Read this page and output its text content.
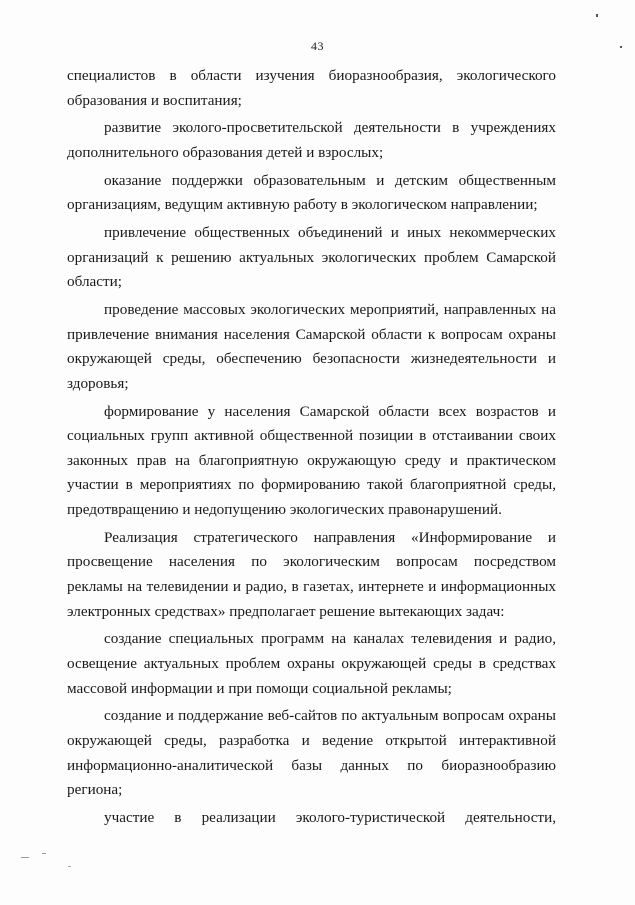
43

специалистов в области изучения биоразнообразия, экологического
образования и воспитания;

развитие эколого-просветительской деятельности в учреждениях
дополнительного образования детей и взрослых;

оказание поддержки образовательным и детским общественным
организациям, ведущим активную работу в экологическом направлении;

привлечение общественных объединений и иных некоммерческих
организаций к решению актуальных экологических проблем Самарской
области;

проведение массовых экологических мероприятий, направленных на
привлечение внимания населения Самарской области к вопросам охраны
окружающей среды, обеспечению безопасности жизнедеятельности и
здоровья;

формирование у населения Самарской области всех возрастов и
социальных групп активной общественной позиции в отстаивании своих
законных прав на благоприятную окружающую среду и практическом
участии в мероприятиях по формированию такой благоприятной среды,
предотвращению и недопущению экологических правонарушений.

Реализация стратегического направления «Информирование и
просвещение населения по экологическим вопросам посредством
рекламы на телевидении и радио, в газетах, интернете и информационных
электронных средствах» предполагает решение вытекающих задач:

создание специальных программ на каналах телевидения и радио,
освещение актуальных проблем охраны окружающей среды в средствах
массовой информации и при помощи социальной рекламы;

создание и поддержание веб-сайтов по актуальным вопросам охраны
окружающей среды, разработка и ведение открытой интерактивной
информационно-аналитической базы данных по биоразнообразию
региона;

участие в реализации эколого-туристической деятельности,
